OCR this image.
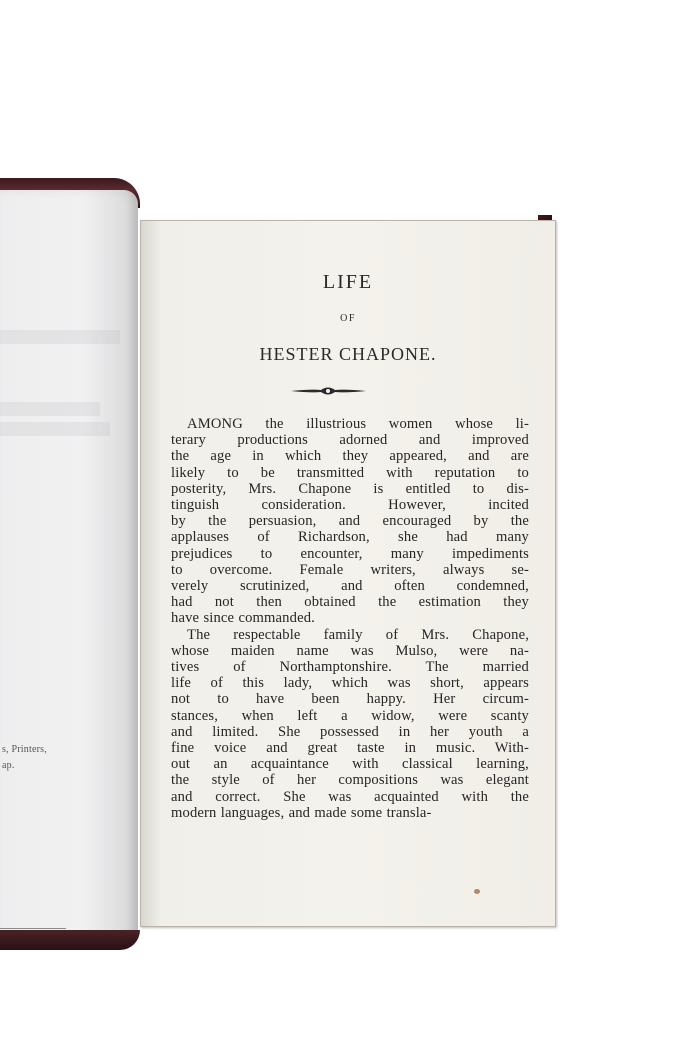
s, Printers,
ap.
LIFE
OF
HESTER CHAPONE.
AMONG the illustrious women whose li-
terary productions adorned and improved
the age in which they appeared, and are
likely to be transmitted with reputation to
posterity, Mrs. Chapone is entitled to dis-
tinguish consideration. However, incited
by the persuasion, and encouraged by the
applauses of Richardson, she had many
prejudices to encounter, many impediments
to overcome. Female writers, always se-
verely scrutinized, and often condemned,
had not then obtained the estimation they
have since commanded.
The respectable family of Mrs. Chapone,
whose maiden name was Mulso, were na-
tives of Northamptonshire. The married
life of this lady, which was short, appears
not to have been happy. Her circum-
stances, when left a widow, were scanty
and limited. She possessed in her youth a
fine voice and great taste in music. With-
out an acquaintance with classical learning,
the style of her compositions was elegant
and correct. She was acquainted with the
modern languages, and made some transla-
